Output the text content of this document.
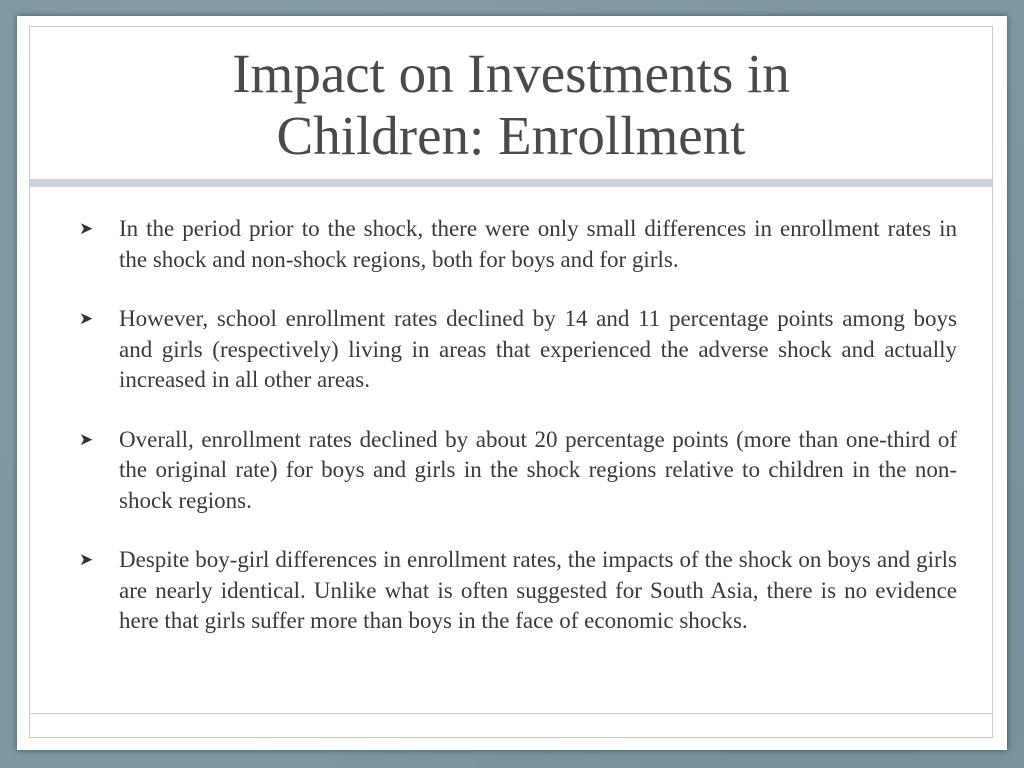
Impact on Investments in Children: Enrollment
➤	In the period prior to the shock, there were only small differences in enrollment rates in the shock and non-shock regions, both for boys and for girls.
➤	However, school enrollment rates declined by 14 and 11 percentage points among boys and girls (respectively) living in areas that experienced the adverse shock and actually increased in all other areas.
➤	Overall, enrollment rates declined by about 20 percentage points (more than one-third of the original rate) for boys and girls in the shock regions relative to children in the non-shock regions.
➤	Despite boy-girl differences in enrollment rates, the impacts of the shock on boys and girls are nearly identical. Unlike what is often suggested for South Asia, there is no evidence here that girls suffer more than boys in the face of economic shocks.
